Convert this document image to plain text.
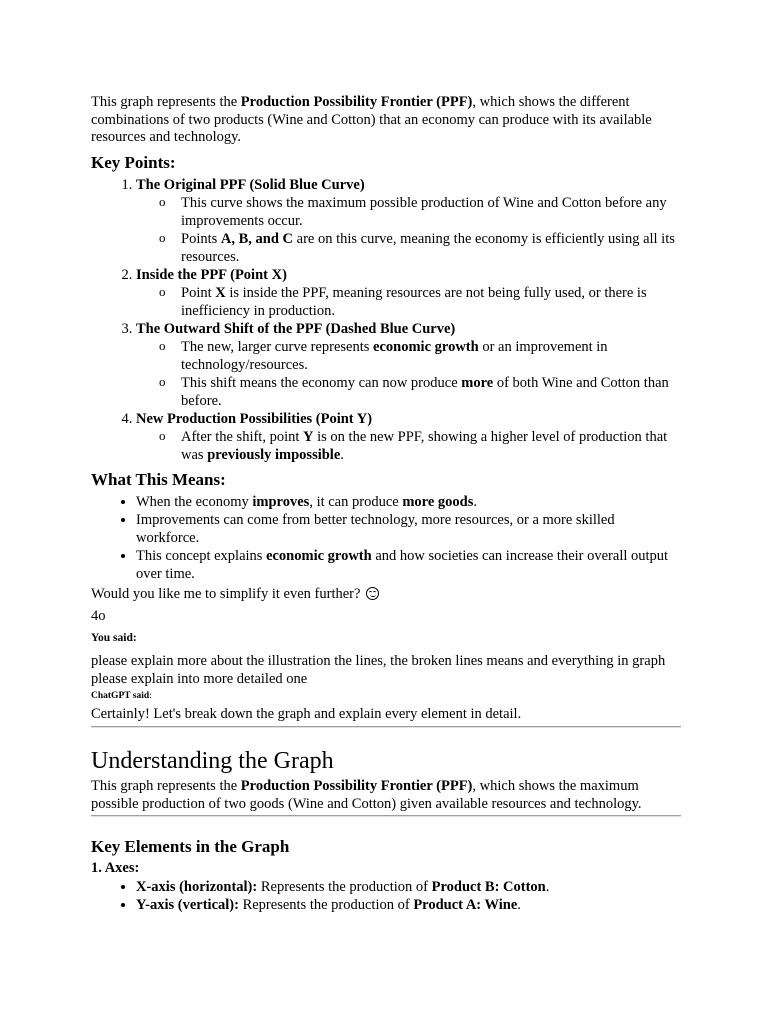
This graph represents the Production Possibility Frontier (PPF), which shows the different combinations of two products (Wine and Cotton) that an economy can produce with its available resources and technology.

Key Points:
1. The Original PPF (Solid Blue Curve)
o This curve shows the maximum possible production of Wine and Cotton before any improvements occur.
o Points A, B, and C are on this curve, meaning the economy is efficiently using all its resources.
2. Inside the PPF (Point X)
o Point X is inside the PPF, meaning resources are not being fully used, or there is inefficiency in production.
3. The Outward Shift of the PPF (Dashed Blue Curve)
o The new, larger curve represents economic growth or an improvement in technology/resources.
o This shift means the economy can now produce more of both Wine and Cotton than before.
4. New Production Possibilities (Point Y)
o After the shift, point Y is on the new PPF, showing a higher level of production that was previously impossible.
What This Means:
• When the economy improves, it can produce more goods.
• Improvements can come from better technology, more resources, or a more skilled workforce.
• This concept explains economic growth and how societies can increase their overall output over time.

Would you like me to simplify it even further?

4o

You said:

please explain more about the illustration the lines, the broken lines means and everything in graph please explain into more detailed one

ChatGPT said:

Certainly! Let's break down the graph and explain every element in detail.

Understanding the Graph

This graph represents the Production Possibility Frontier (PPF), which shows the maximum possible production of two goods (Wine and Cotton) given available resources and technology.

Key Elements in the Graph
1. Axes:
• X-axis (horizontal): Represents the production of Product B: Cotton.
• Y-axis (vertical): Represents the production of Product A: Wine.
